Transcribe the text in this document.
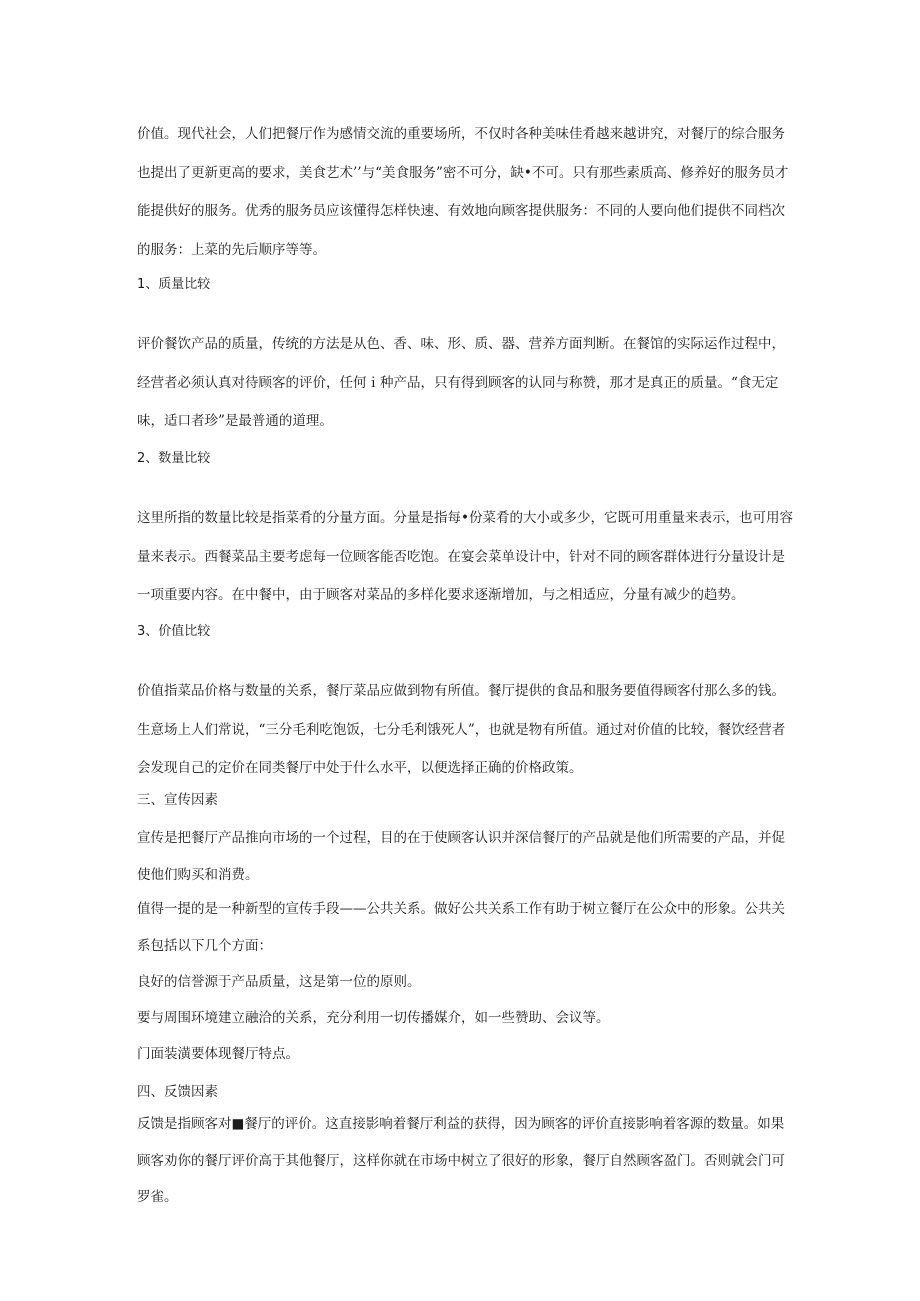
价值。现代社会，人们把餐厅作为感情交流的重要场所，不仅时各种美味佳肴越来越讲究，对餐厅的综合服务也提出了更新更高的要求，美食艺术’’与“美食服务”密不可分，缺•不可。只有那些素质高、修养好的服务员才能提供好的服务。优秀的服务员应该懂得怎样快速、有效地向顾客提供服务：不同的人要向他们提供不同档次的服务：上菜的先后顺序等等。

1、质量比较

评价餐饮产品的质量，传统的方法是从色、香、味、形、质、器、营养方面判断。在餐馆的实际运作过程中，经营者必须认真对待顾客的评价，任何ｉ种产品，只有得到顾客的认同与称赞，那才是真正的质量。“食无定味，适口者珍”是最普通的道理。

2、数量比较

这里所指的数量比较是指菜肴的分量方面。分量是指每•份菜肴的大小或多少，它既可用重量来表示，也可用容量来表示。西餐菜品主要考虑每一位顾客能否吃饱。在宴会菜单设计中，针对不同的顾客群体进行分量设计是一项重要内容。在中餐中，由于顾客对菜品的多样化要求逐渐增加，与之相适应，分量有减少的趋势。

3、价值比较

价值指菜品价格与数量的关系，餐厅菜品应做到物有所值。餐厅提供的食品和服务要值得顾客付那么多的钱。生意场上人们常说，“三分毛利吃饱饭，七分毛利饿死人”，也就是物有所值。通过对价值的比较，餐饮经营者会发现自己的定价在同类餐厅中处于什么水平，以便选择正确的价格政策。

三、宣传因素

宣传是把餐厅产品推向市场的一个过程，目的在于使顾客认识并深信餐厅的产品就是他们所需要的产品，并促使他们购买和消费。

值得一提的是一种新型的宣传手段——公共关系。做好公共关系工作有助于树立餐厅在公众中的形象。公共关系包括以下几个方面：

良好的信誉源于产品质量，这是第一位的原则。

要与周围环境建立融洽的关系，充分利用一切传播媒介，如一些赞助、会议等。

门面装潢要体现餐厅特点。

四、反馈因素

反馈是指顾客对■餐厅的评价。这直接影响着餐厅利益的获得，因为顾客的评价直接影响着客源的数量。如果顾客劝你的餐厅评价高于其他餐厅，这样你就在市场中树立了很好的形象，餐厅自然顾客盈门。否则就会门可罗雀。
